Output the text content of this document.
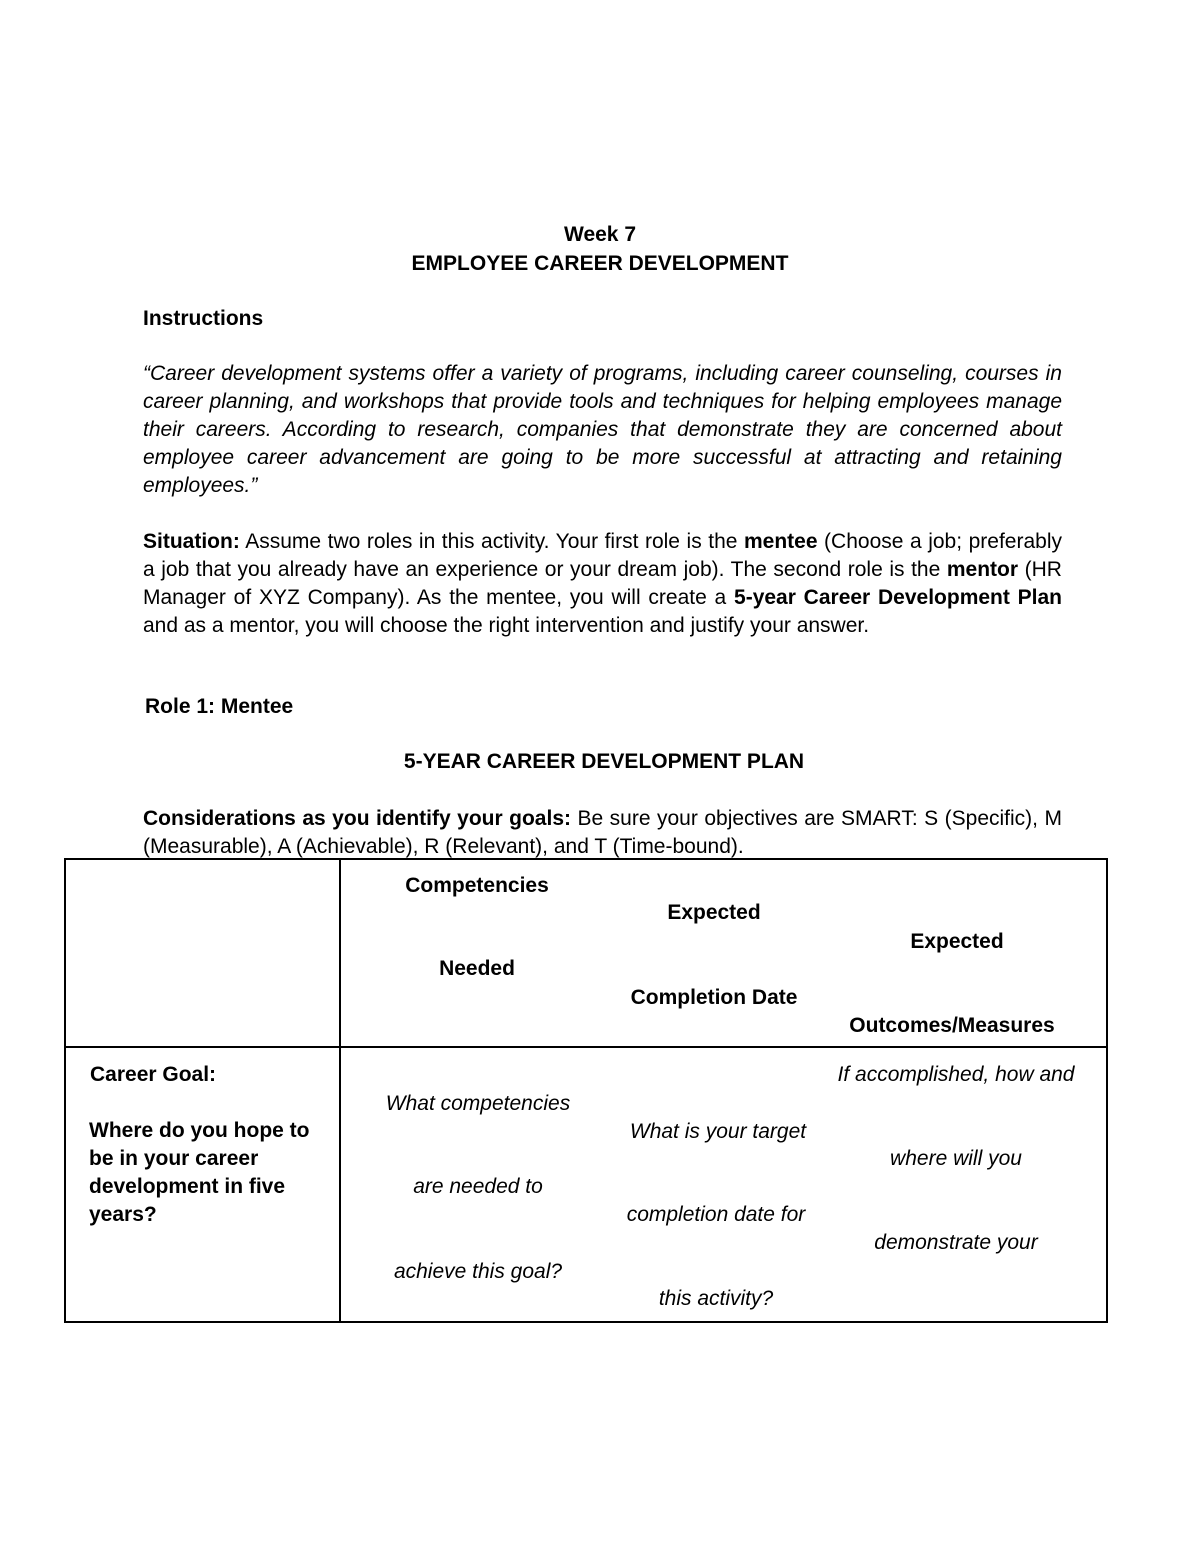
Week 7
EMPLOYEE CAREER DEVELOPMENT
Instructions
“Career development systems offer a variety of programs, including career counseling, courses in career planning, and workshops that provide tools and techniques for helping employees manage their careers. According to research, companies that demonstrate they are concerned about employee career advancement are going to be more successful at attracting and retaining employees.”
Situation: Assume two roles in this activity. Your first role is the mentee (Choose a job; preferably a job that you already have an experience or your dream job). The second role is the mentor (HR Manager of XYZ Company). As the mentee, you will create a 5-year Career Development Plan and as a mentor, you will choose the right intervention and justify your answer.
Role 1: Mentee
5-YEAR CAREER DEVELOPMENT PLAN
Considerations as you identify your goals: Be sure your objectives are SMART: S (Specific), M (Measurable), A (Achievable), R (Relevant), and T (Time-bound).
Competencies
Needed
Expected
Completion Date
Expected
Outcomes/Measures
Career Goal:
Where do you hope to be in your career development in five years?
What competencies
are needed to
achieve this goal?
What is your target
completion date for
this activity?
If accomplished, how and
where will you
demonstrate your
